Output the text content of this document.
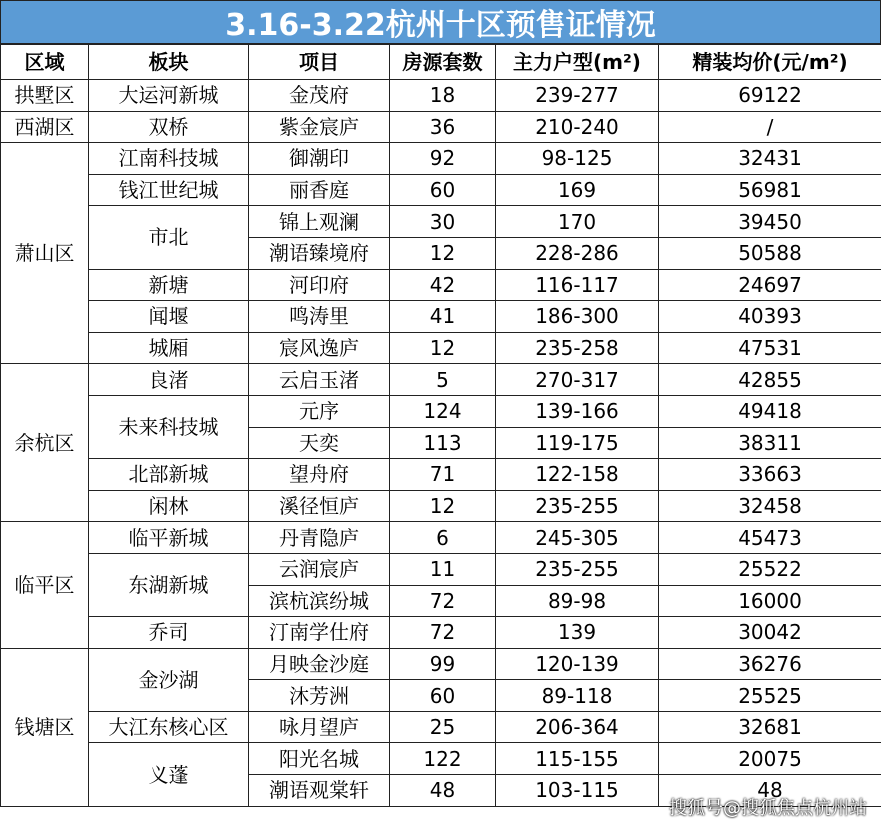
3.16-3.22杭州十区预售证情况
区域	板块	项目	房源套数	主力户型(m²)	精装均价(元/m²)
拱墅区	大运河新城	金茂府	18	239-277	69122
西湖区	双桥	紫金宸庐	36	210-240	/
萧山区	江南科技城	御潮印	92	98-125	32431
	钱江世纪城	丽香庭	60	169	56981
	市北	锦上观澜	30	170	39450
		潮语臻境府	12	228-286	50588
	新塘	河印府	42	116-117	24697
	闻堰	鸣涛里	41	186-300	40393
	城厢	宸风逸庐	12	235-258	47531
余杭区	良渚	云启玉渚	5	270-317	42855
	未来科技城	元序	124	139-166	49418
		天奕	113	119-175	38311
	北部新城	望舟府	71	122-158	33663
	闲林	溪径恒庐	12	235-255	32458
临平区	临平新城	丹青隐庐	6	245-305	45473
	东湖新城	云润宸庐	11	235-255	25522
		滨杭滨纷城	72	89-98	16000
	乔司	汀南学仕府	72	139	30042
钱塘区	金沙湖	月映金沙庭	99	120-139	36276
		沐芳洲	60	89-118	25525
	大江东核心区	咏月望庐	25	206-364	32681
	义蓬	阳光名城	122	115-155	20075
		潮语观棠轩	48	103-115	48
搜狐号@搜狐焦点杭州站
